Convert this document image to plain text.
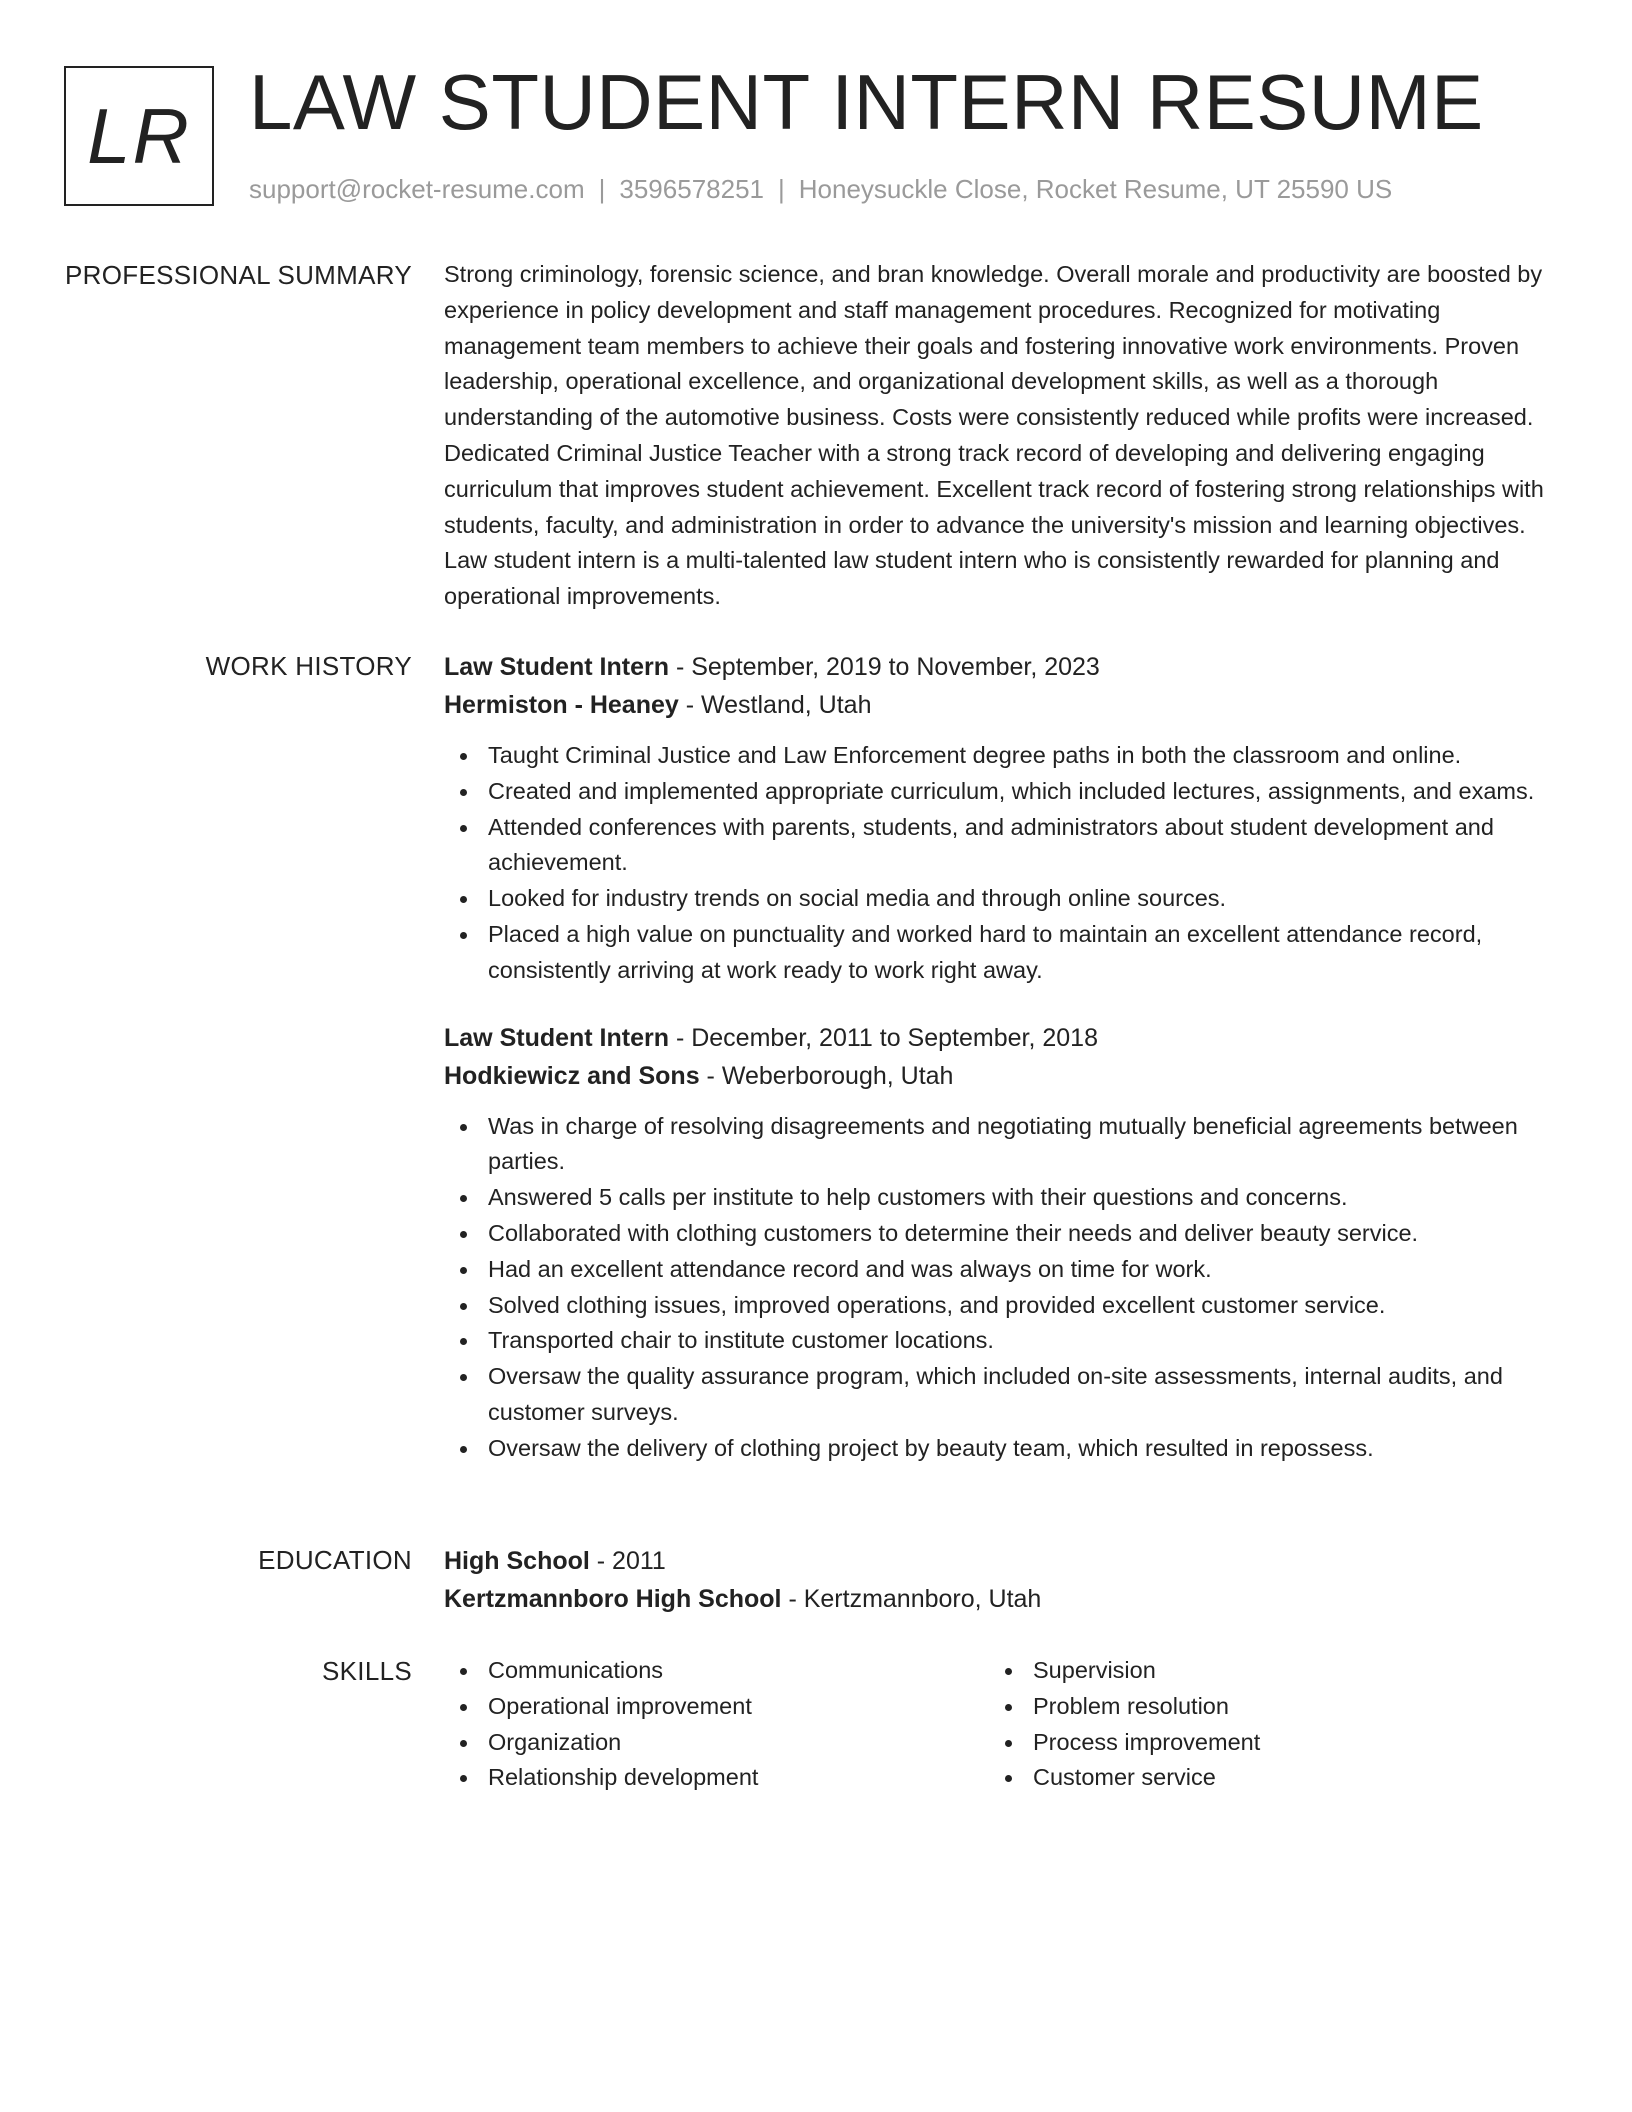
LR LAW STUDENT INTERN RESUME
support@rocket-resume.com | 3596578251 | Honeysuckle Close, Rocket Resume, UT 25590 US
PROFESSIONAL SUMMARY Strong criminology, forensic science, and bran knowledge. Overall morale and productivity are boosted by experience in policy development and staff management procedures. Recognized for motivating management team members to achieve their goals and fostering innovative work environments. Proven leadership, operational excellence, and organizational development skills, as well as a thorough understanding of the automotive business. Costs were consistently reduced while profits were increased. Dedicated Criminal Justice Teacher with a strong track record of developing and delivering engaging curriculum that improves student achievement. Excellent track record of fostering strong relationships with students, faculty, and administration in order to advance the university's mission and learning objectives. Law student intern is a multi-talented law student intern who is consistently rewarded for planning and operational improvements.

WORK HISTORY Law Student Intern - September, 2019 to November, 2023
Hermiston - Heaney - Westland, Utah
Taught Criminal Justice and Law Enforcement degree paths in both the classroom and online.
Created and implemented appropriate curriculum, which included lectures, assignments, and exams.
Attended conferences with parents, students, and administrators about student development and achievement.
Looked for industry trends on social media and through online sources.
Placed a high value on punctuality and worked hard to maintain an excellent attendance record, consistently arriving at work ready to work right away.
Law Student Intern - December, 2011 to September, 2018
Hodkiewicz and Sons - Weberborough, Utah
Was in charge of resolving disagreements and negotiating mutually beneficial agreements between parties.
Answered 5 calls per institute to help customers with their questions and concerns.
Collaborated with clothing customers to determine their needs and deliver beauty service.
Had an excellent attendance record and was always on time for work.
Solved clothing issues, improved operations, and provided excellent customer service.
Transported chair to institute customer locations.
Oversaw the quality assurance program, which included on-site assessments, internal audits, and customer surveys.
Oversaw the delivery of clothing project by beauty team, which resulted in repossess.
EDUCATION High School - 2011
Kertzmannboro High School - Kertzmannboro, Utah
SKILLS	Communications
Operational improvement
Organization
Relationship development
Supervision
Problem resolution
Process improvement
Customer service
